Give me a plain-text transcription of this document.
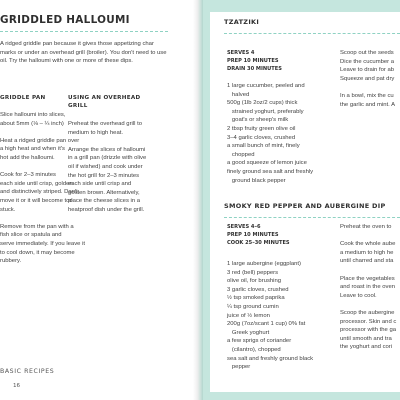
GRIDDLED HALLOUMI
A ridged griddle pan because it gives those appetizing char
marks or under an overhead grill (broiler). You don't need to use
oil. Try the halloumi with one or more of these dips.
GRIDDLE PAN
Slice halloumi into slices,
about 5mm (⅛ – ¼ inch)

Heat a ridged griddle pan over
a high heat and when it's
hot add the halloumi.

Cook for 2–3 minutes
each side until crisp, golden
and distinctively striped. Don't
move it or it will become too
stuck.

Remove from the pan with a
fish slice or spatula and
serve immediately. If you leave it
to cool down, it may become
rubbery.
USING AN OVERHEAD
GRILL
Preheat the overhead grill to
medium to high heat.

Arrange the slices of halloumi
in a grill pan (drizzle with olive
oil if wished) and cook under
the hot grill for 2–3 minutes
each side until crisp and
golden brown. Alternatively,
place the cheese slices in a
heatproof dish under the grill.
BASIC RECIPES
16
TZATZIKI
SERVES 4
PREP 10 MINUTES
DRAIN 30 MINUTES
1 large cucumber, peeled and
halved
500g (1lb 2oz/2 cups) thick
strained yoghurt, preferably
goat's or sheep's milk
2 tbsp fruity green olive oil
3–4 garlic cloves, crushed
a small bunch of mint, finely
chopped
a good squeeze of lemon juice
finely ground sea salt and freshly
ground black pepper
Scoop out the seeds
Dice the cucumber a
Leave to drain for ab
Squeeze and pat dry

In a bowl, mix the cu
the garlic and mint. A
SMOKY RED PEPPER AND AUBERGINE DIP
SERVES 4–6
PREP 10 MINUTES
COOK 25–30 MINUTES
1 large aubergine (eggplant)
3 red (bell) peppers
olive oil, for brushing
3 garlic cloves, crushed
½ tsp smoked paprika
¼ tsp ground cumin
juice of ½ lemon
200g (7oz/scant 1 cup) 0% fat
Greek yoghurt
a few sprigs of coriander
(cilantro), chopped
sea salt and freshly ground black
pepper
Preheat the oven to

Cook the whole aube
a medium to high he
until charred and sta

Place the vegetables
and roast in the oven
Leave to cool.

Scoop the aubergine
processor. Skin and c
processor with the ga
until smooth and tra
the yoghurt and cori
